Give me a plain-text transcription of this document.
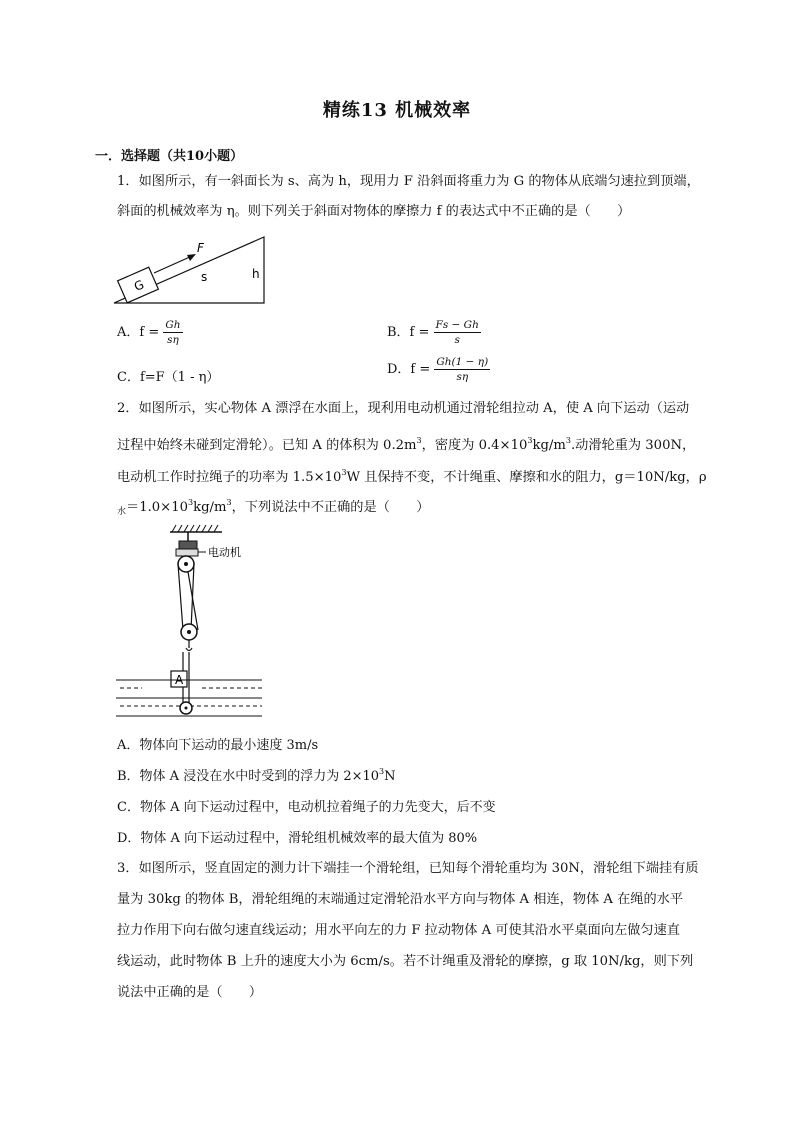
精练13 机械效率
一．选择题（共10小题）
1．如图所示，有一斜面长为 s、高为 h，现用力 F 沿斜面将重力为 G 的物体从底端匀速拉到顶端，
斜面的机械效率为 η。则下列关于斜面对物体的摩擦力 f 的表达式中不正确的是（　　）
G
F
s	h
A．$f = \frac{Gh}{s\eta}$	B．$f = \frac{Fs - Gh}{s}$
C．f=F（1 - η）
D．$f = \frac{Gh(1 - \eta)}{s\eta}$
2．如图所示，实心物体 A 漂浮在水面上，现利用电动机通过滑轮组拉动 A，使 A 向下运动（运动
过程中始终未碰到定滑轮）。已知 A 的体积为 $0.2m^3$，密度为 $0.4\times 10^3kg/m^3$.动滑轮重为 300N，
电动机工作时拉绳子的功率为 $1.5\times 10^3W$ 且保持不变，不计绳重、摩擦和水的阻力，g＝10N/kg，ρ
$_水=1.0\times 10^3kg/m^3$，下列说法中不正确的是（　　）
电动机
A
A．物体向下运动的最小速度 3m/s
B．物体 A 浸没在水中时受到的浮力为 $2\times 10^3N$
C．物体 A 向下运动过程中，电动机拉着绳子的力先变大，后不变
D．物体 A 向下运动过程中，滑轮组机械效率的最大值为 80%
3．如图所示，竖直固定的测力计下端挂一个滑轮组，已知每个滑轮重均为 30N，滑轮组下端挂有质
量为 30kg 的物体 B，滑轮组绳的末端通过定滑轮沿水平方向与物体 A 相连，物体 A 在绳的水平
拉力作用下向右做匀速直线运动；用水平向左的力 F 拉动物体 A 可使其沿水平桌面向左做匀速直
线运动，此时物体 B 上升的速度大小为 6cm/s。若不计绳重及滑轮的摩擦，g 取 10N/kg，则下列
说法中正确的是（　　）
